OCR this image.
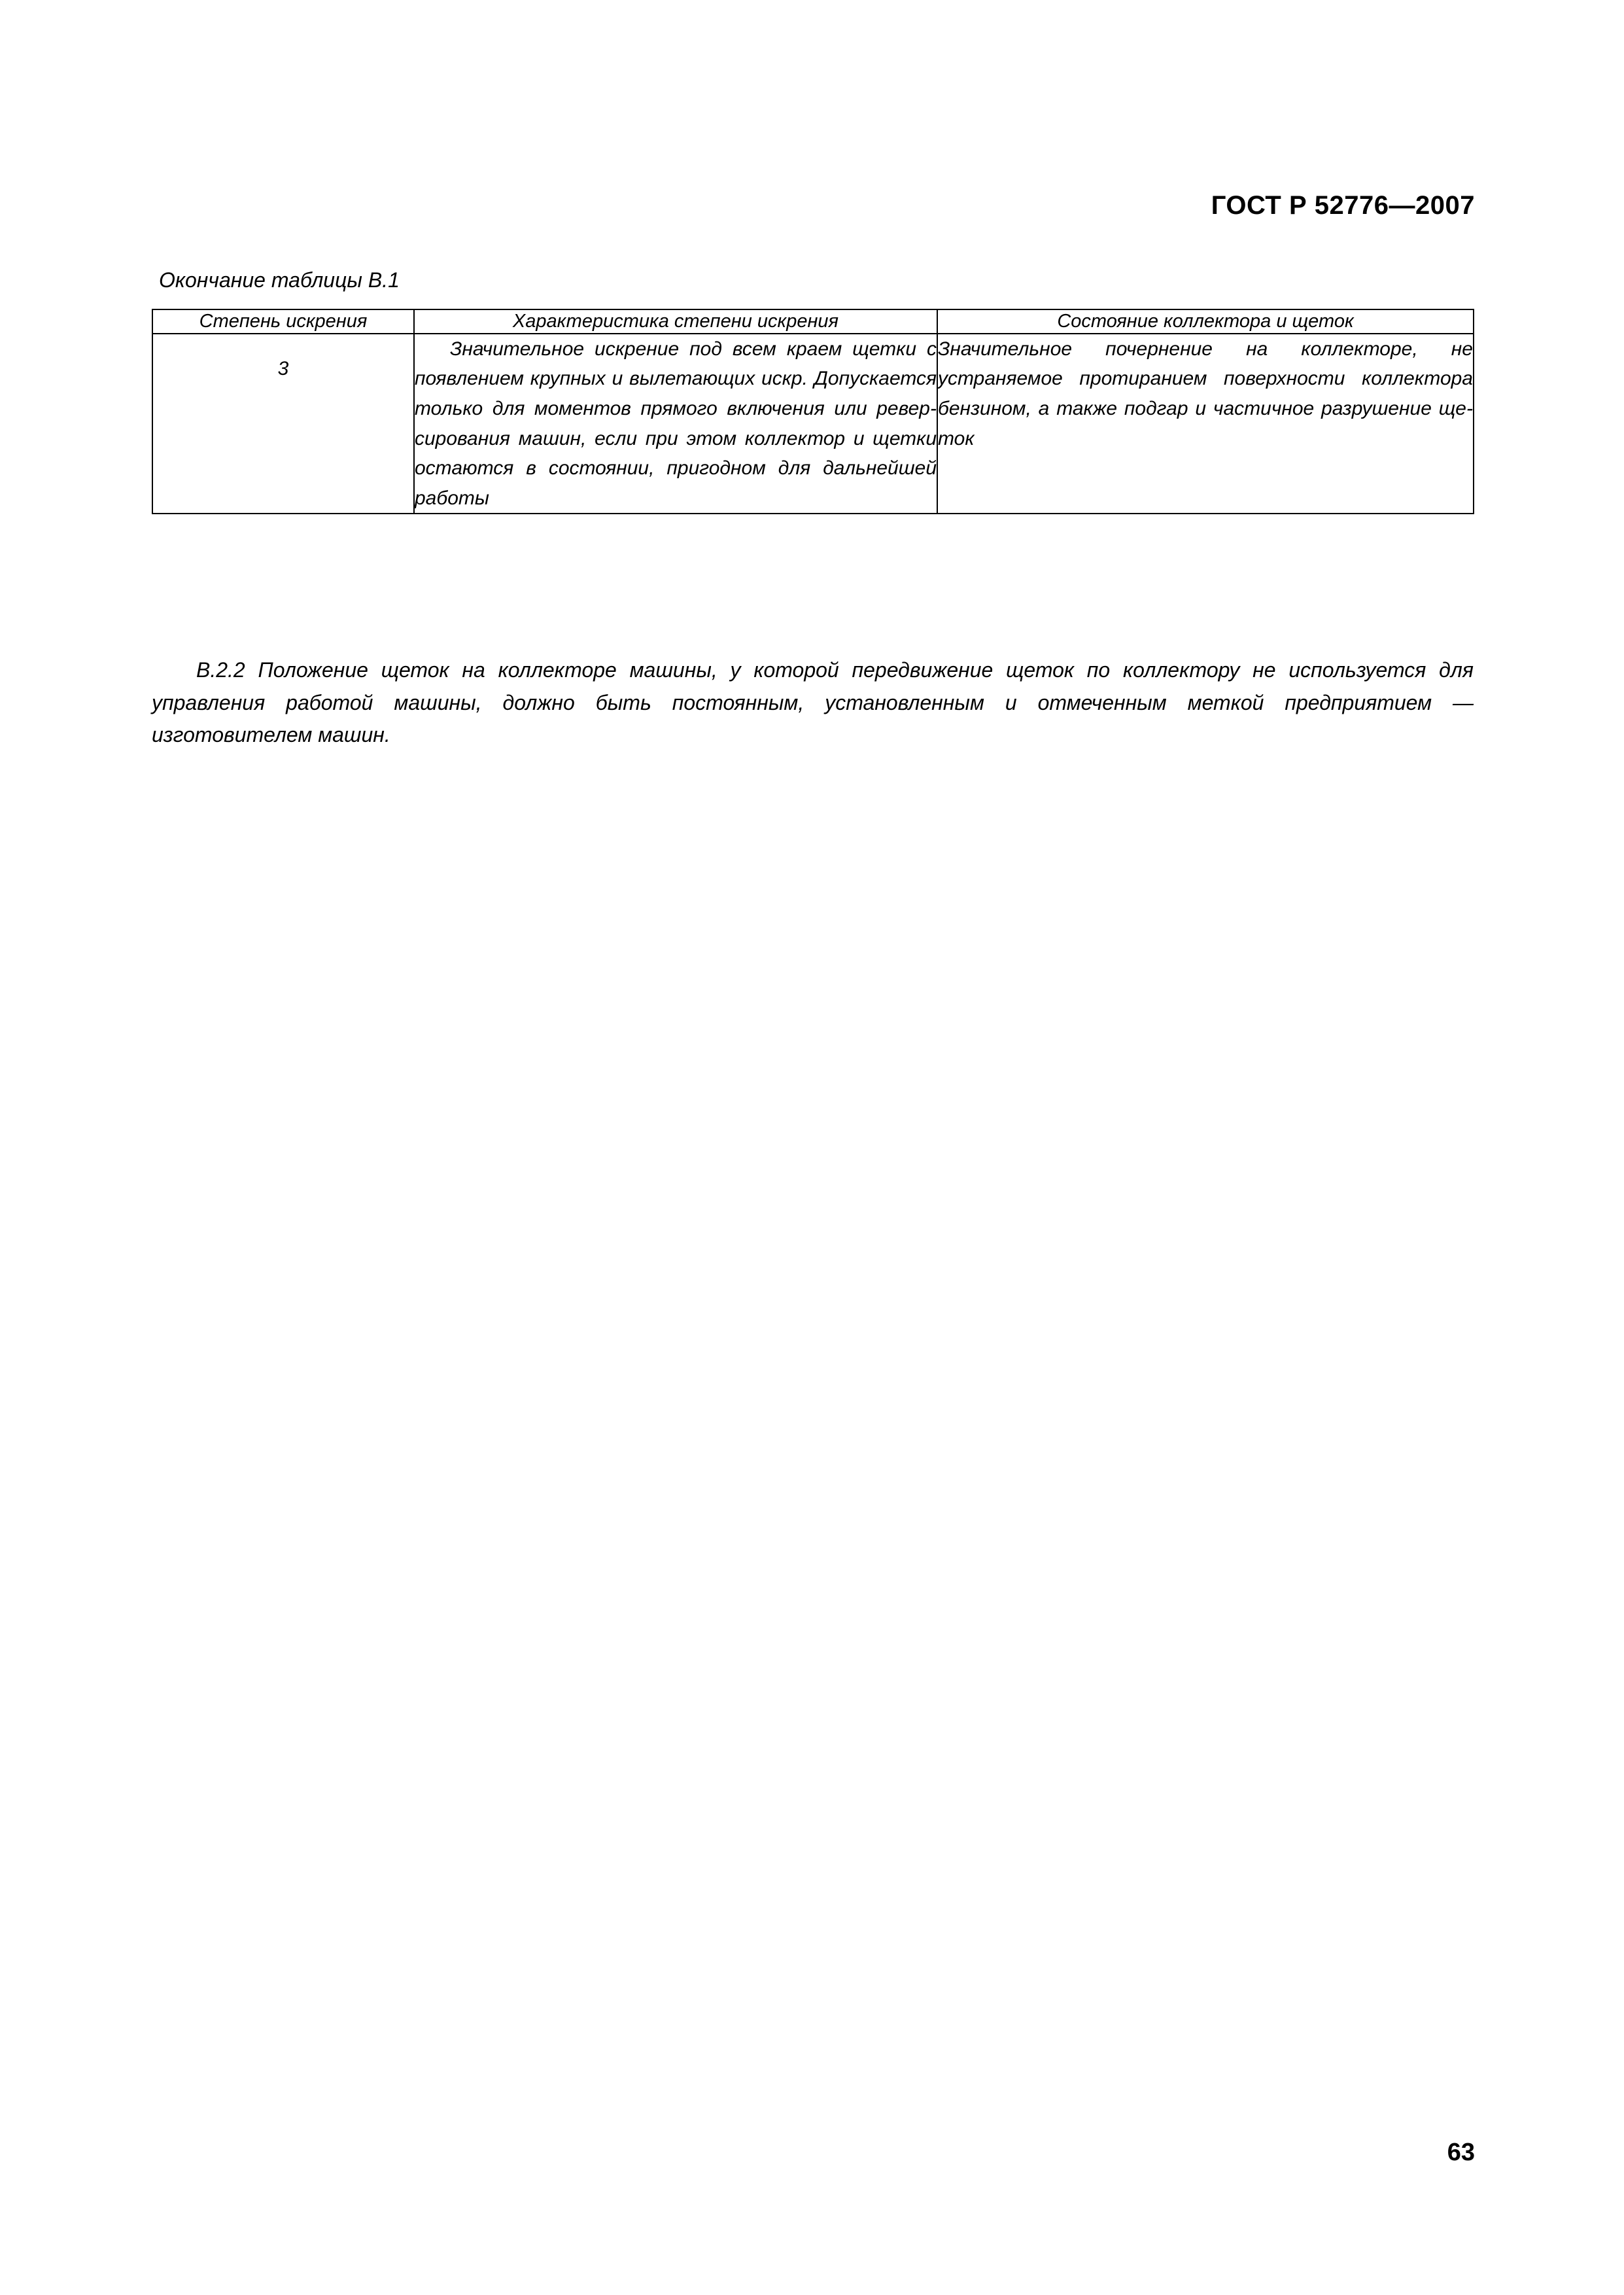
ГОСТ Р 52776—2007
Окончание таблицы В.1
Степень искрения	Характеристика степени искрения	Состояние коллектора и щеток
3	Значительное искрение под всем краем щетки с появлением крупных и вылетающих искр. Допускается только для моментов прямого включения или реверсирования машин, если при этом коллектор и щетки остаются в состоянии, пригодном для дальнейшей работы	Значительное почернение на коллекторе, не устраняемое протиранием поверхности коллектора бензином, а также подгар и частичное разрушение щеток

В.2.2 Положение щеток на коллекторе машины, у которой передвижение щеток по коллектору не используется для управления работой машины, должно быть постоянным, установленным и отмеченным меткой предприятием — изготовителем машин.

63
